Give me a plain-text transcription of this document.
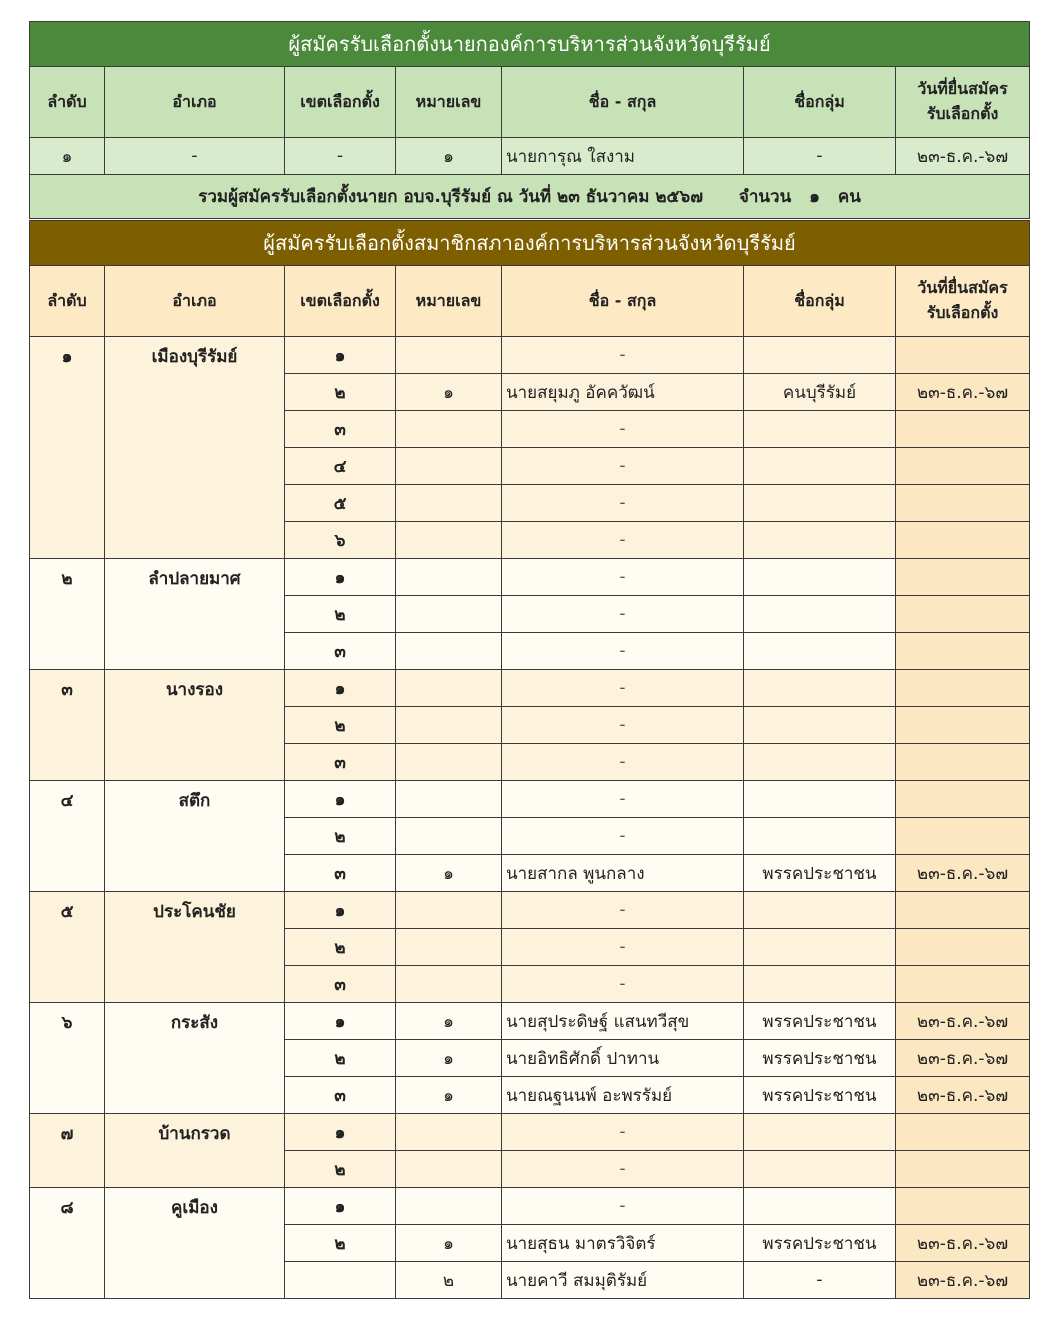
ผู้สมัครรับเลือกตั้งนายกองค์การบริหารส่วนจังหวัดบุรีรัมย์						
ลำดับ	อำเภอ	เขตเลือกตั้ง	หมายเลข	ชื่อ - สกุล	ชื่อกลุ่ม	วันที่ยื่นสมัคร
รับเลือกตั้ง

๑	-	-	๑	นายการุณ ใสงาม	-	๒๓-ธ.ค.-๖๗
รวมผู้สมัครรับเลือกตั้งนายก อบจ.บุรีรัมย์ ณ วันที่ ๒๓ ธันวาคม ๒๕๖๗ จำนวน ๑ คน						
ผู้สมัครรับเลือกตั้งสมาชิกสภาองค์การบริหารส่วนจังหวัดบุรีรัมย์						
ลำดับ	อำเภอ	เขตเลือกตั้ง	หมายเลข	ชื่อ - สกุล	ชื่อกลุ่ม	วันที่ยื่นสมัคร
รับเลือกตั้ง

๑	เมืองบุรีรัมย์	๑		-		
		๒	๑	นายสยุมภู อัคควัฒน์	คนบุรีรัมย์	๒๓-ธ.ค.-๖๗
		๓		-		
		๔		-		
		๕		-		
		๖		-		
๒	ลำปลายมาศ	๑		-		
		๒		-		
		๓		-		
๓	นางรอง	๑		-		
		๒		-		
		๓		-		
๔	สตึก	๑		-		
		๒		-		
		๓	๑	นายสากล พูนกลาง	พรรคประชาชน	๒๓-ธ.ค.-๖๗
๕	ประโคนชัย	๑		-		
		๒		-		
		๓		-		
๖	กระสัง	๑	๑	นายสุประดิษฐ์ แสนทวีสุข	พรรคประชาชน	๒๓-ธ.ค.-๖๗
		๒	๑	นายอิทธิศักดิ์ ปาทาน	พรรคประชาชน	๒๓-ธ.ค.-๖๗
		๓	๑	นายณฐนนพ์ อะพรรัมย์	พรรคประชาชน	๒๓-ธ.ค.-๖๗
๗	บ้านกรวด	๑		-		
		๒		-		
๘	คูเมือง	๑		-		
		๒	๑	นายสุธน มาตรวิจิตร์	พรรคประชาชน	๒๓-ธ.ค.-๖๗
			๒	นายคาวี สมมุติรัมย์	-	๒๓-ธ.ค.-๖๗
